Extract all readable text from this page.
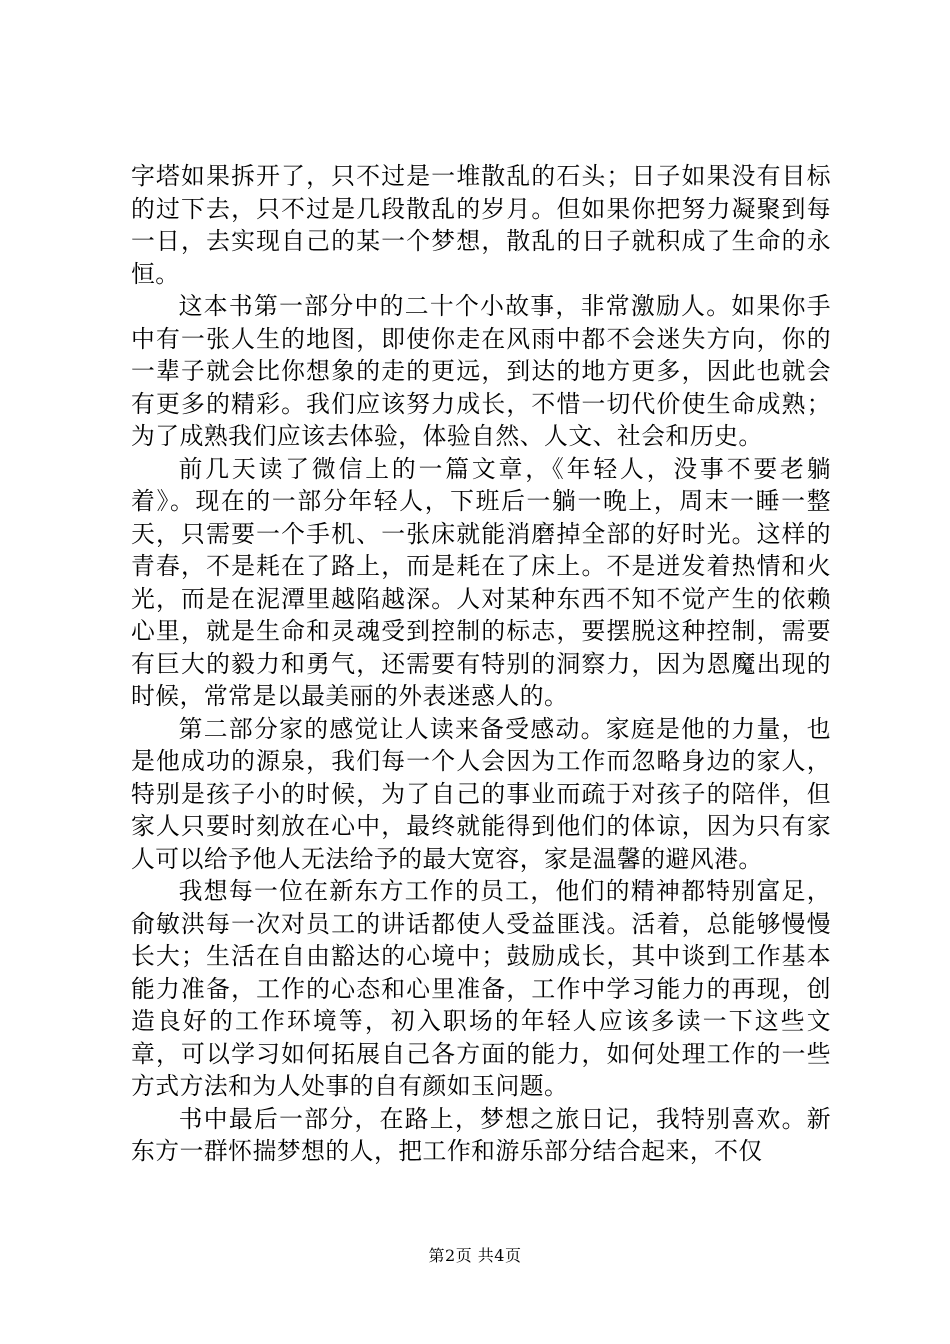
字塔如果拆开了，只不过是一堆散乱的石头；日子如果没有目标的过下去，只不过是几段散乱的岁月。但如果你把努力凝聚到每一日，去实现自己的某一个梦想，散乱的日子就积成了生命的永恒。

这本书第一部分中的二十个小故事，非常激励人。如果你手中有一张人生的地图，即使你走在风雨中都不会迷失方向，你的一辈子就会比你想象的走的更远，到达的地方更多，因此也就会有更多的精彩。我们应该努力成长，不惜一切代价使生命成熟；为了成熟我们应该去体验，体验自然、人文、社会和历史。

前几天读了微信上的一篇文章，《年轻人，没事不要老躺着》。现在的一部分年轻人，下班后一躺一晚上，周末一睡一整天，只需要一个手机、一张床就能消磨掉全部的好时光。这样的青春，不是耗在了路上，而是耗在了床上。不是迸发着热情和火光，而是在泥潭里越陷越深。人对某种东西不知不觉产生的依赖心里，就是生命和灵魂受到控制的标志，要摆脱这种控制，需要有巨大的毅力和勇气，还需要有特别的洞察力，因为恩魔出现的时候，常常是以最美丽的外表迷惑人的。

第二部分家的感觉让人读来备受感动。家庭是他的力量，也是他成功的源泉，我们每一个人会因为工作而忽略身边的家人，特别是孩子小的时候，为了自己的事业而疏于对孩子的陪伴，但家人只要时刻放在心中，最终就能得到他们的体谅，因为只有家人可以给予他人无法给予的最大宽容，家是温馨的避风港。

我想每一位在新东方工作的员工，他们的精神都特别富足，俞敏洪每一次对员工的讲话都使人受益匪浅。活着，总能够慢慢长大；生活在自由豁达的心境中；鼓励成长，其中谈到工作基本能力准备，工作的心态和心里准备，工作中学习能力的再现，创造良好的工作环境等，初入职场的年轻人应该多读一下这些文章，可以学习如何拓展自己各方面的能力，如何处理工作的一些方式方法和为人处事的自有颜如玉问题。

书中最后一部分，在路上，梦想之旅日记，我特别喜欢。新东方一群怀揣梦想的人，把工作和游乐部分结合起来，不仅

第2页 共4页
